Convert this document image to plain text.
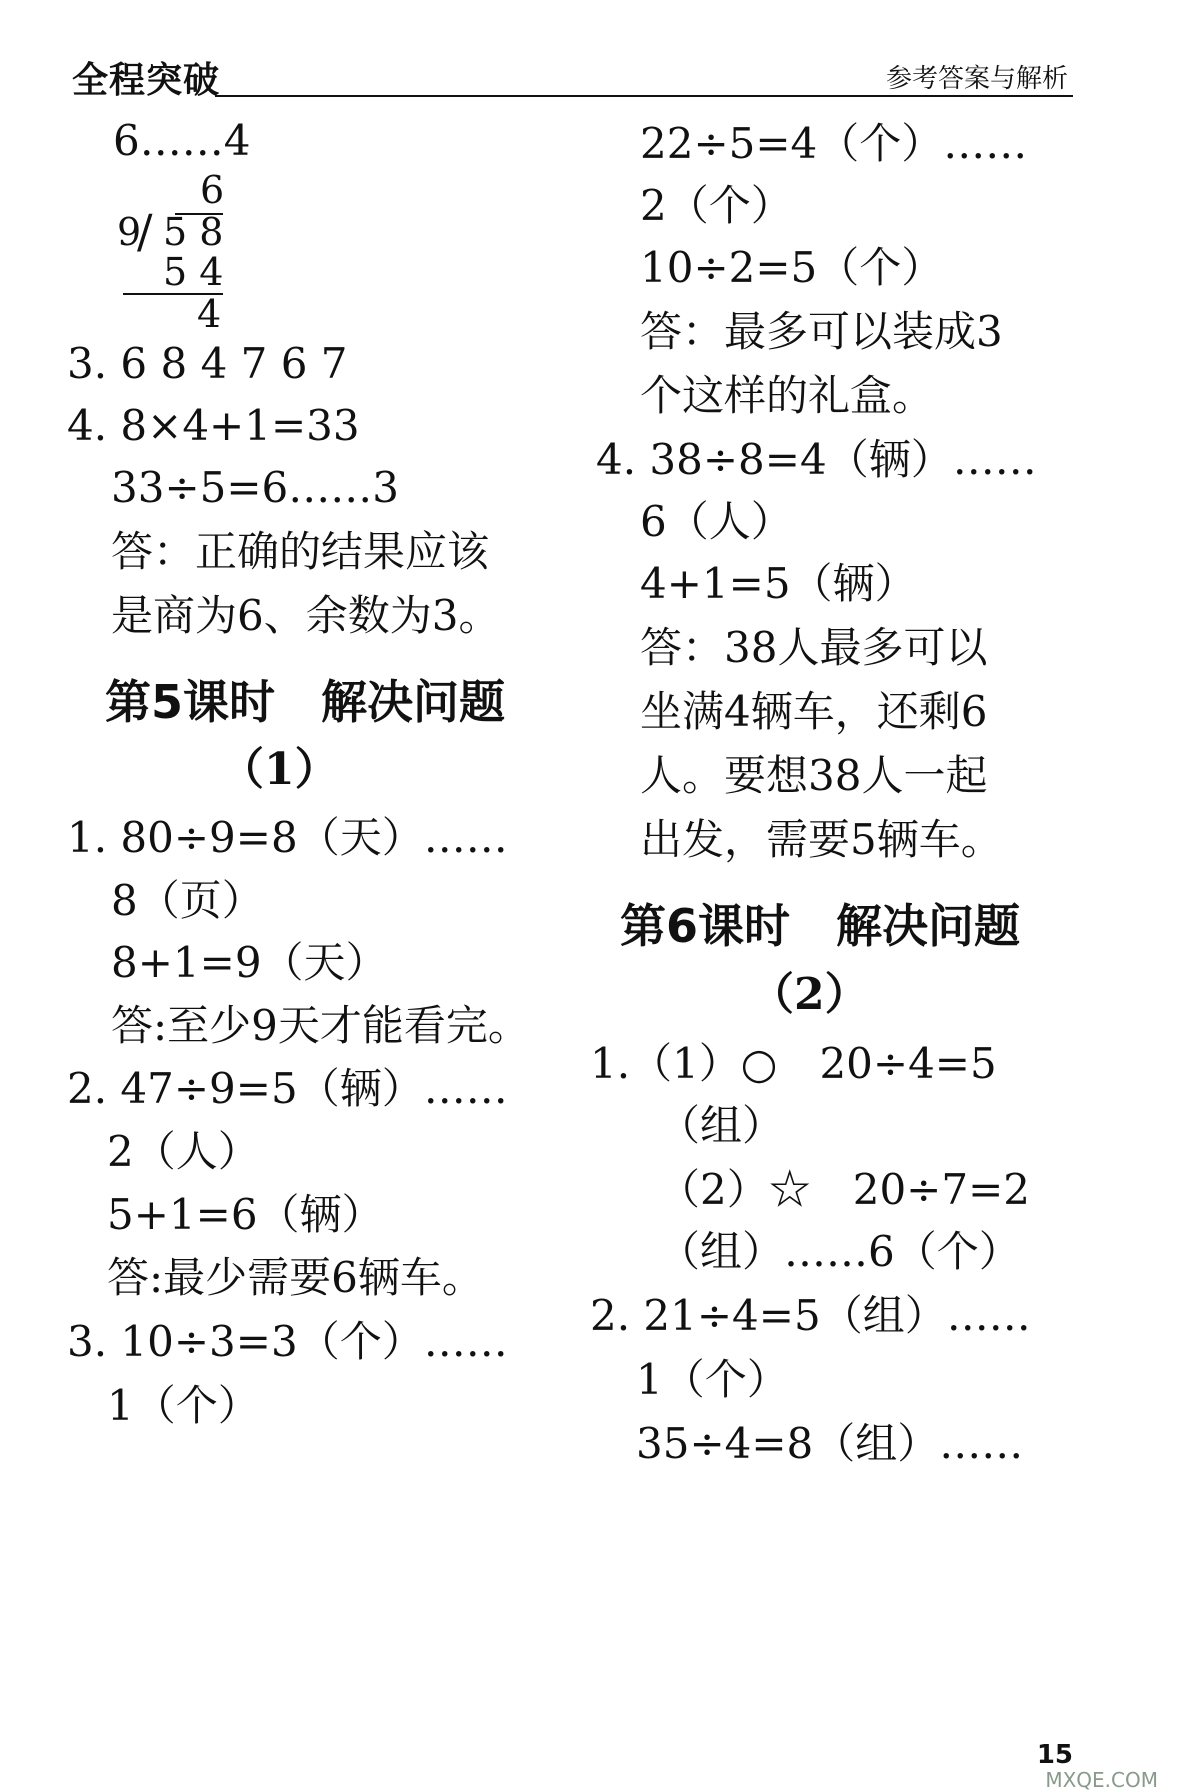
全程突破	参考答案与解析
6……4
6
9
/ 5 8
5 4
4
3. 6 8 4 7 6 7
4. 8×4+1=33
33÷5=6……3
答：正确的结果应该
是商为6、余数为3。
第5课时　解决问题
（1）
1. 80÷9=8（天）……
8（页）
8+1=9（天）
答:至少9天才能看完。
2. 47÷9=5（辆）……
2（人）
5+1=6（辆）
答:最少需要6辆车。
3. 10÷3=3（个）……
1（个）
22÷5=4（个）……
2（个）
10÷2=5（个）
答：最多可以装成3
个这样的礼盒。
4. 38÷8=4（辆）……
6（人）
4+1=5（辆）
答：38人最多可以
坐满4辆车，还剩6
人。要想38人一起
出发，需要5辆车。
第6课时　解决问题
（2）
1.（1）○　20÷4=5
（组）
（2）☆　20÷7=2
（组）……6（个）
2. 21÷4=5（组）……
1（个）
35÷4=8（组）……
15
MXQE.COM
